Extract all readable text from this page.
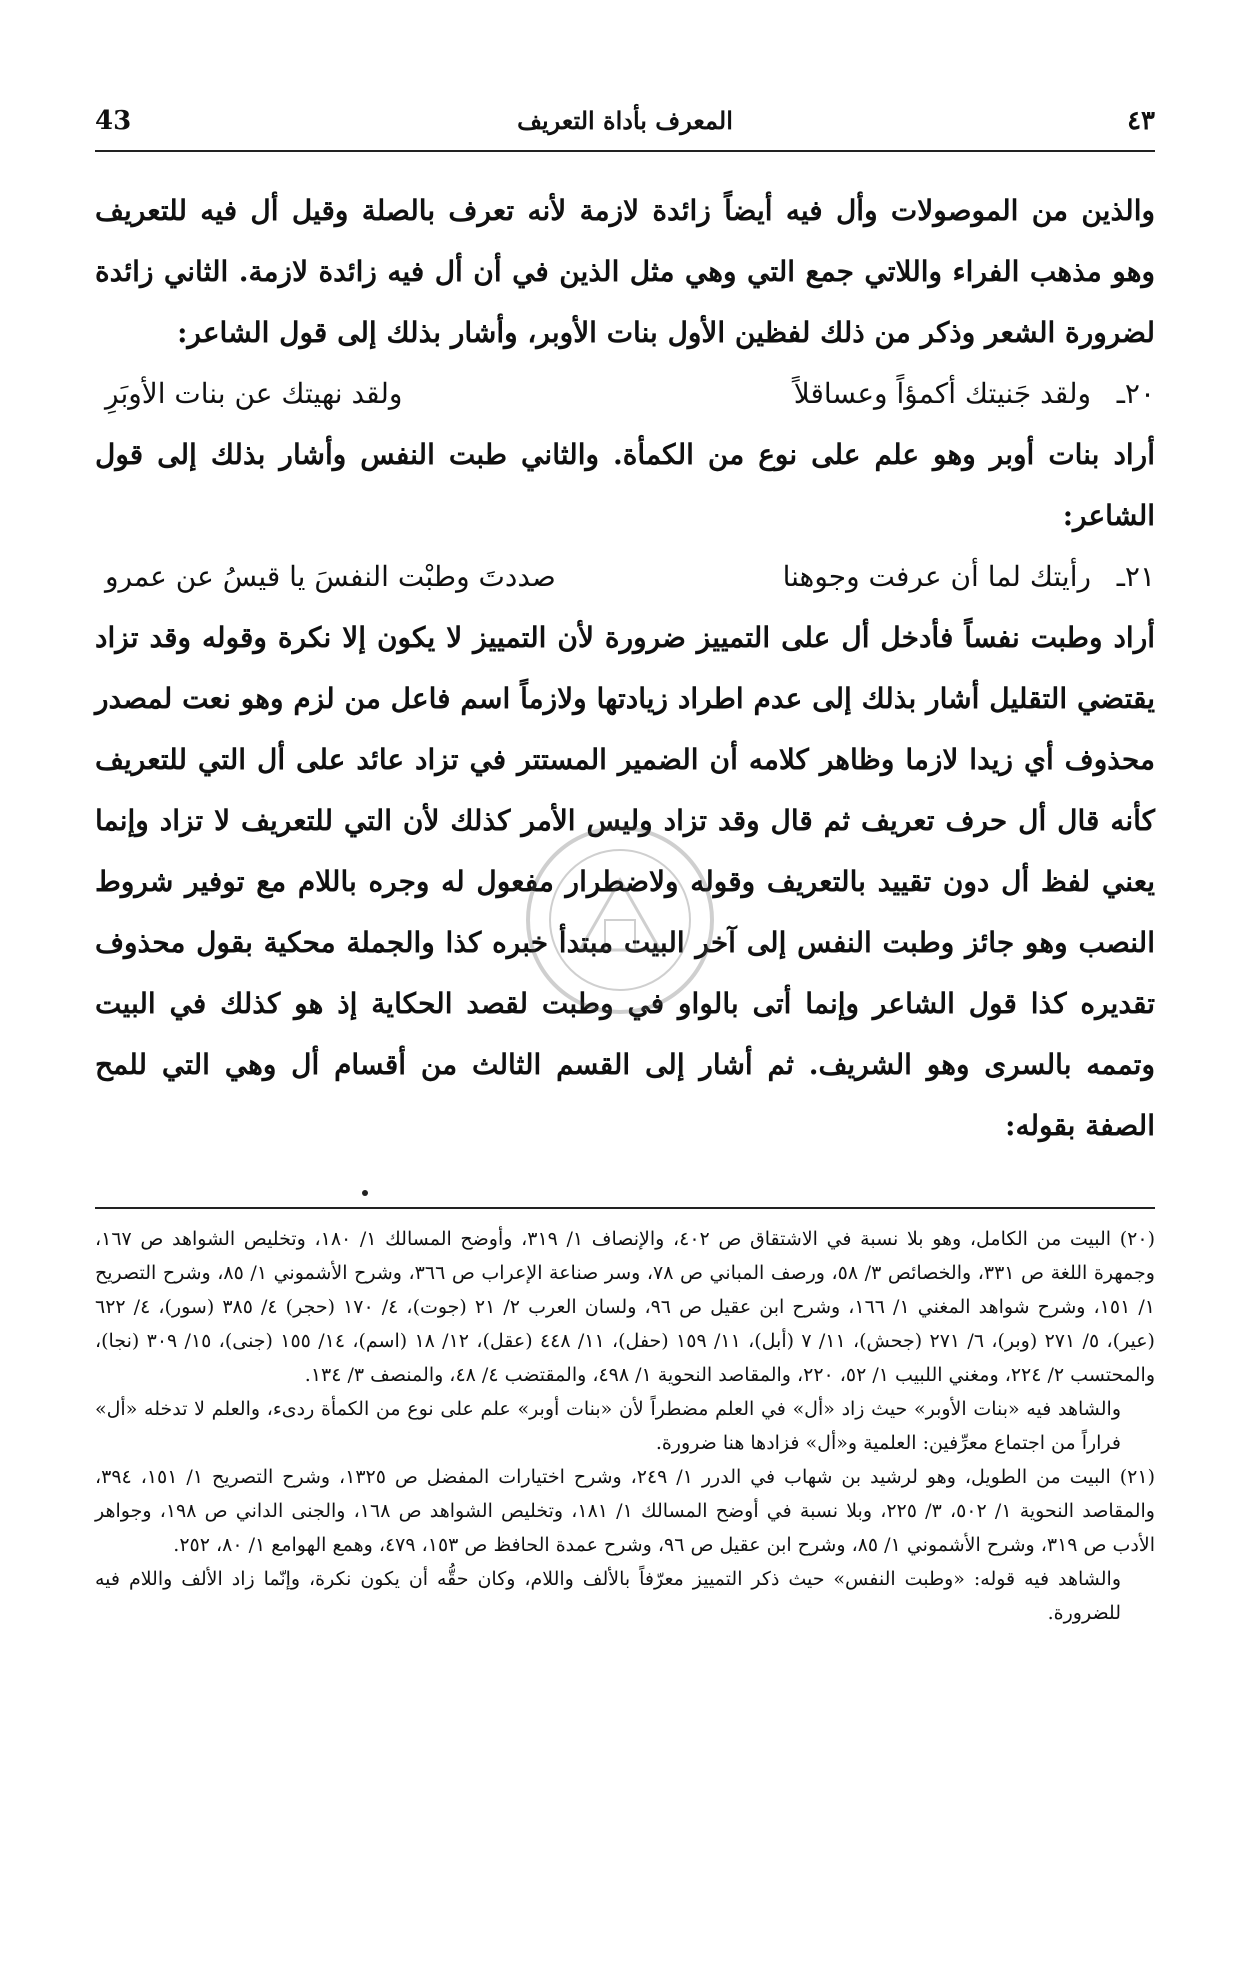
43	المعرف بأداة التعريف	٤٣

والذين من الموصولات وأل فيه أيضاً زائدة لازمة لأنه تعرف بالصلة وقيل أل فيه للتعريف وهو مذهب الفراء واللاتي جمع التي وهي مثل الذين في أن أل فيه زائدة لازمة. الثاني زائدة لضرورة الشعر وذكر من ذلك لفظين الأول بنات الأوبر، وأشار بذلك إلى قول الشاعر:

٢٠ـ
ولقد جَنيتك أكمؤاً وعساقلاً
ولقد نهيتك عن بنات الأوبَرِ

أراد بنات أوبر وهو علم على نوع من الكمأة. والثاني طبت النفس وأشار بذلك إلى قول الشاعر:

٢١ـ
رأيتك لما أن عرفت وجوهنا
صددتَ وطبْت النفسَ يا قيسُ عن عمرو

أراد وطبت نفساً فأدخل أل على التمييز ضرورة لأن التمييز لا يكون إلا نكرة وقوله وقد تزاد يقتضي التقليل أشار بذلك إلى عدم اطراد زيادتها ولازماً اسم فاعل من لزم وهو نعت لمصدر محذوف أي زيدا لازما وظاهر كلامه أن الضمير المستتر في تزاد عائد على أل التي للتعريف كأنه قال أل حرف تعريف ثم قال وقد تزاد وليس الأمر كذلك لأن التي للتعريف لا تزاد وإنما يعني لفظ أل دون تقييد بالتعريف وقوله ولاضطرار مفعول له وجره باللام مع توفير شروط النصب وهو جائز وطبت النفس إلى آخر البيت مبتدأ خبره كذا والجملة محكية بقول محذوف تقديره كذا قول الشاعر وإنما أتى بالواو في وطبت لقصد الحكاية إذ هو كذلك في البيت وتممه بالسرى وهو الشريف. ثم أشار إلى القسم الثالث من أقسام أل وهي التي للمح الصفة بقوله:

(٢٠) البيت من الكامل، وهو بلا نسبة في الاشتقاق ص ٤٠٢، والإنصاف ١/ ٣١٩، وأوضح المسالك ١/ ١٨٠، وتخليص الشواهد ص ١٦٧، وجمهرة اللغة ص ٣٣١، والخصائص ٣/ ٥٨، ورصف المباني ص ٧٨، وسر صناعة الإعراب ص ٣٦٦، وشرح الأشموني ١/ ٨٥، وشرح التصريح ١/ ١٥١، وشرح شواهد المغني ١/ ١٦٦، وشرح ابن عقيل ص ٩٦، ولسان العرب ٢/ ٢١ (جوت)، ٤/ ١٧٠ (حجر) ٤/ ٣٨٥ (سور)، ٤/ ٦٢٢ (عير)، ٥/ ٢٧١ (وبر)، ٦/ ٢٧١ (جحش)، ١١/ ٧ (أبل)، ١١/ ١٥٩ (حفل)، ١١/ ٤٤٨ (عقل)، ١٢/ ١٨ (اسم)، ١٤/ ١٥٥ (جنى)، ١٥/ ٣٠٩ (نجا)، والمحتسب ٢/ ٢٢٤، ومغني اللبيب ١/ ٥٢، ٢٢٠، والمقاصد النحوية ١/ ٤٩٨، والمقتضب ٤/ ٤٨، والمنصف ٣/ ١٣٤.

والشاهد فيه «بنات الأوبر» حيث زاد «أل» في العلم مضطراً لأن «بنات أوبر» علم على نوع من الكمأة ردىء، والعلم لا تدخله «أل» فراراً من اجتماع معرِّفين: العلمية و«أل» فزادها هنا ضرورة.

(٢١) البيت من الطويل، وهو لرشيد بن شهاب في الدرر ١/ ٢٤٩، وشرح اختيارات المفضل ص ١٣٢٥، وشرح التصريح ١/ ١٥١، ٣٩٤، والمقاصد النحوية ١/ ٥٠٢، ٣/ ٢٢٥، وبلا نسبة في أوضح المسالك ١/ ١٨١، وتخليص الشواهد ص ١٦٨، والجنى الداني ص ١٩٨، وجواهر الأدب ص ٣١٩، وشرح الأشموني ١/ ٨٥، وشرح ابن عقيل ص ٩٦، وشرح عمدة الحافظ ص ١٥٣، ٤٧٩، وهمع الهوامع ١/ ٨٠، ٢٥٢.

والشاهد فيه قوله: «وطبت النفس» حيث ذكر التمييز معرّفاً بالألف واللام، وكان حقُّه أن يكون نكرة، وإنّما زاد الألف واللام فيه للضرورة.
